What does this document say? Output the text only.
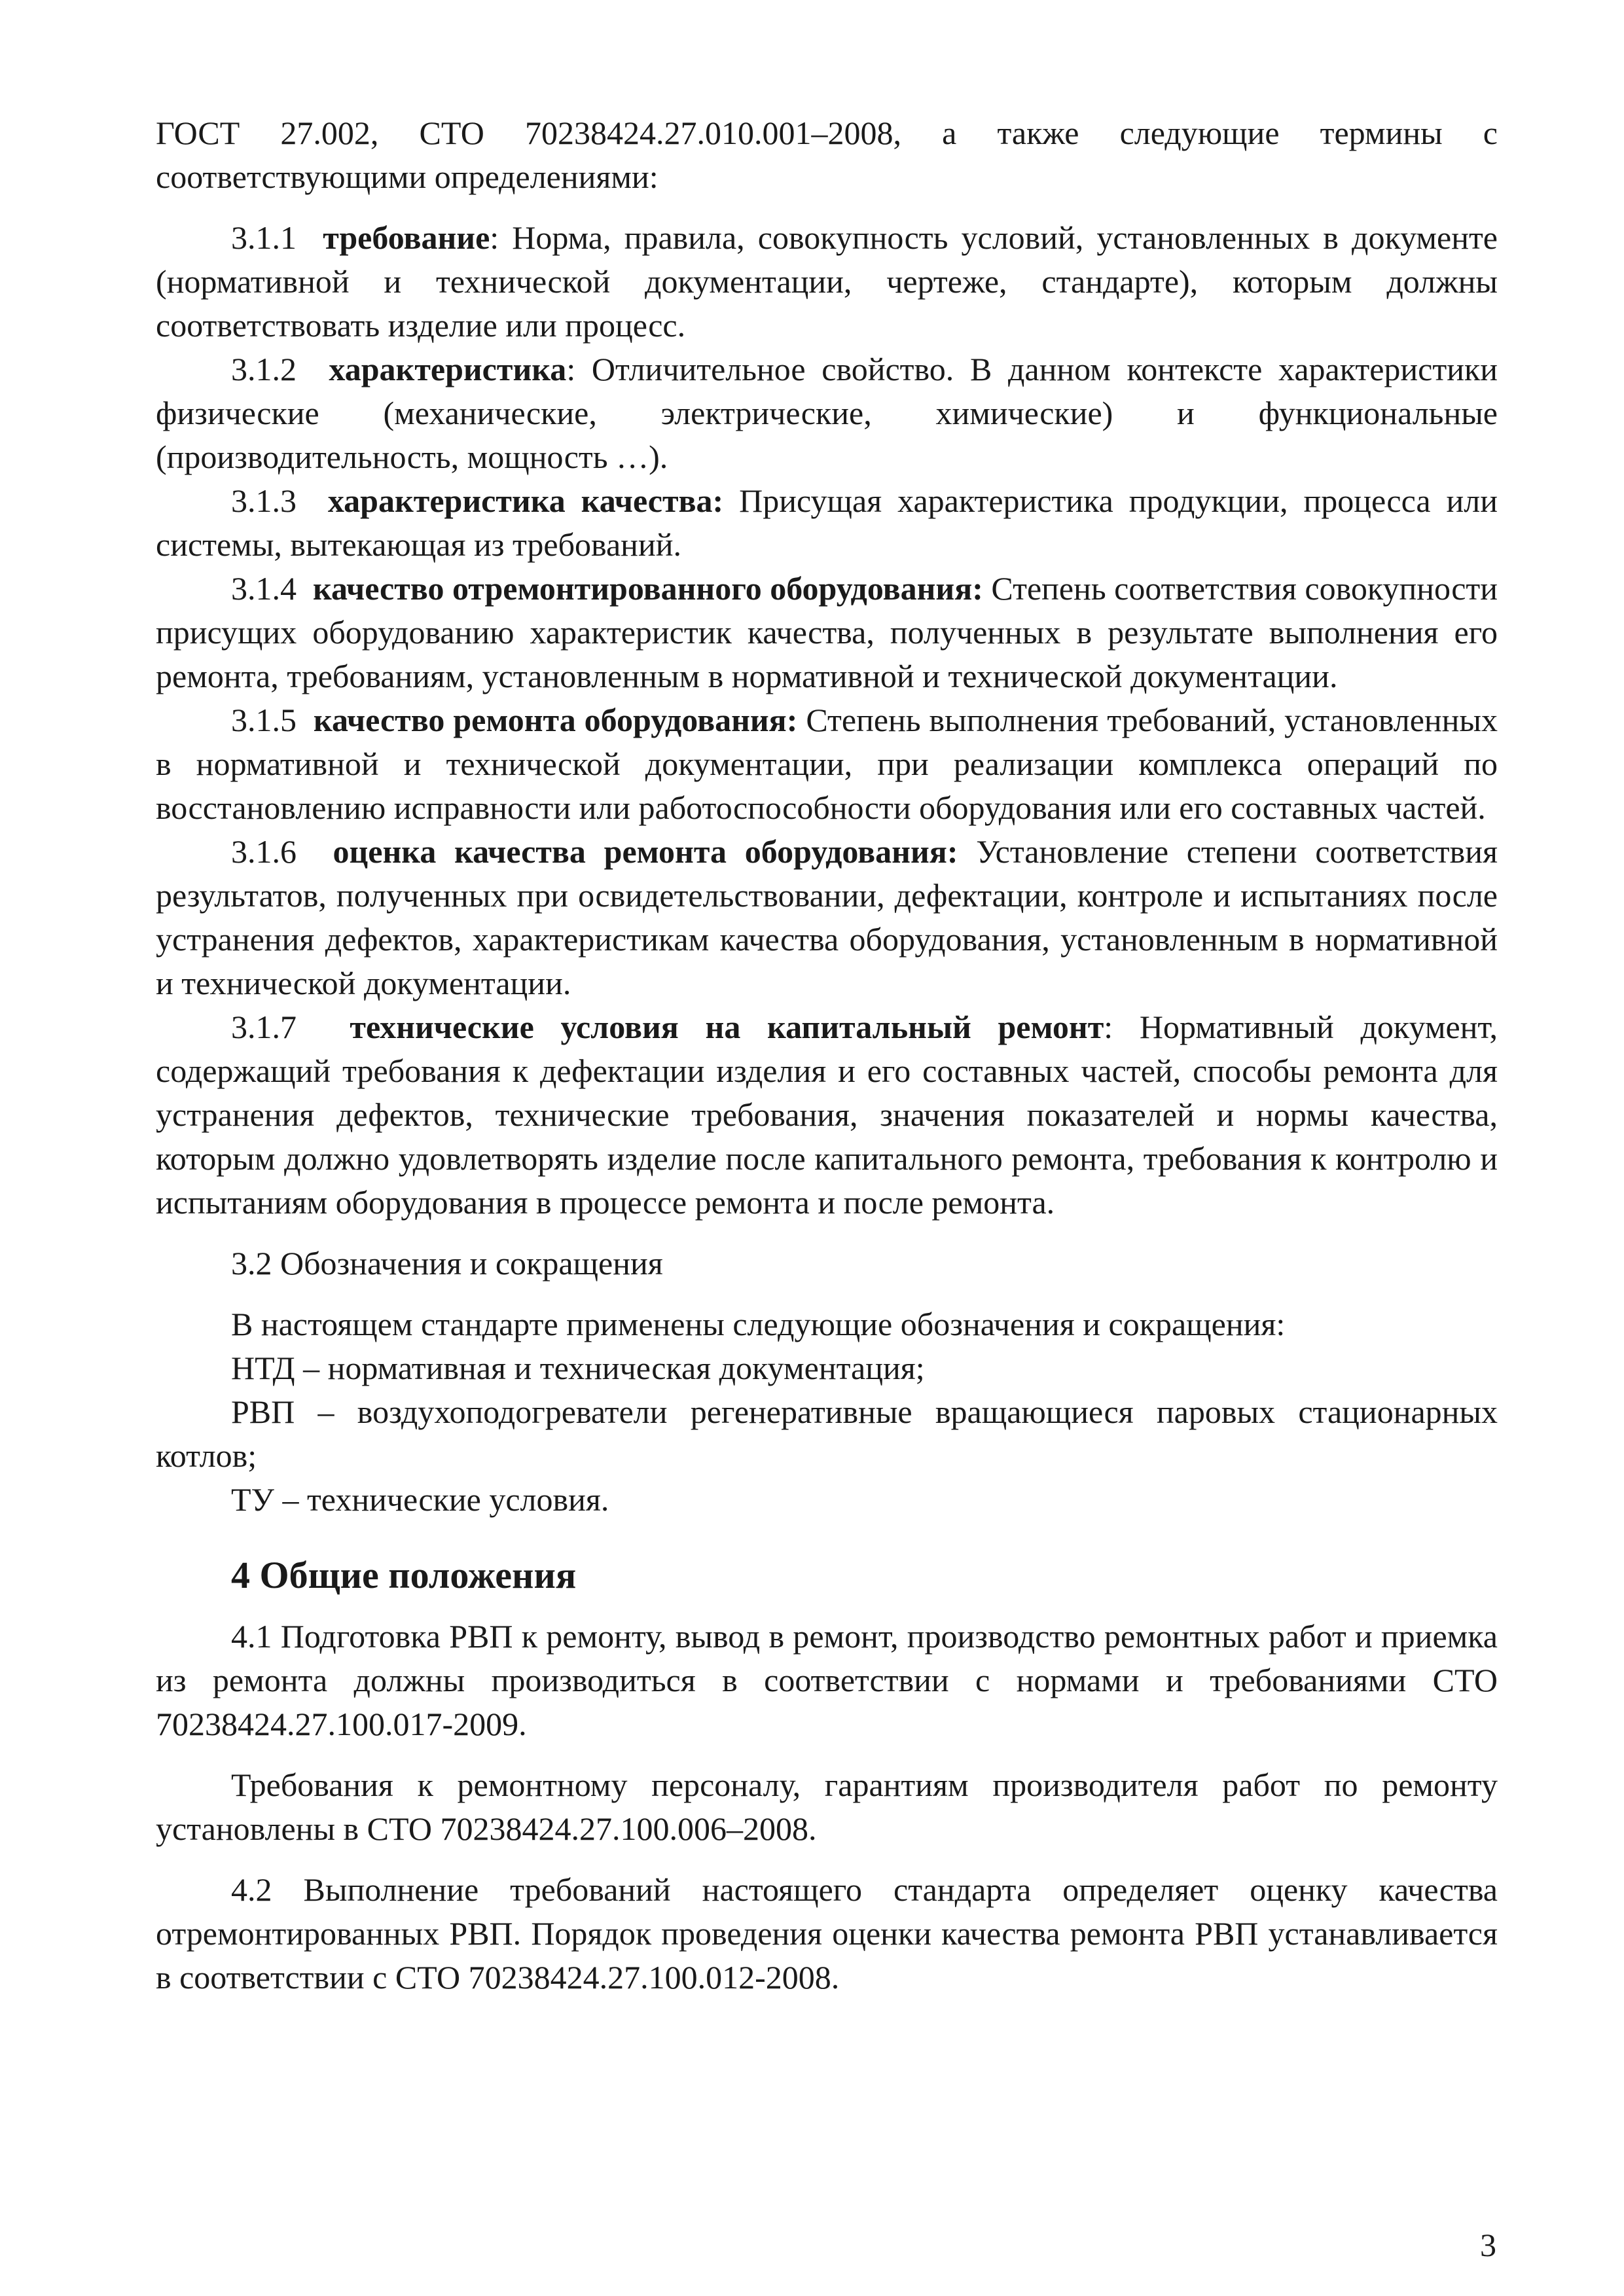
ГОСТ 27.002, СТО 70238424.27.010.001–2008, а также следующие термины с соответствующими определениями:

3.1.1 требование: Норма, правила, совокупность условий, установленных в документе (нормативной и технической документации, чертеже, стандарте), которым должны соответствовать изделие или процесс.

3.1.2 характеристика: Отличительное свойство. В данном контексте характеристики физические (механические, электрические, химические) и функциональные (производительность, мощность …).

3.1.3 характеристика качества: Присущая характеристика продукции, процесса или системы, вытекающая из требований.

3.1.4 качество отремонтированного оборудования: Степень соответствия совокупности присущих оборудованию характеристик качества, полученных в результате выполнения его ремонта, требованиям, установленным в нормативной и технической документации.

3.1.5 качество ремонта оборудования: Степень выполнения требований, установленных в нормативной и технической документации, при реализации комплекса операций по восстановлению исправности или работоспособности оборудования или его составных частей.

3.1.6 оценка качества ремонта оборудования: Установление степени соответствия результатов, полученных при освидетельствовании, дефектации, контроле и испытаниях после устранения дефектов, характеристикам качества оборудования, установленным в нормативной и технической документации.

3.1.7 технические условия на капитальный ремонт: Нормативный документ, содержащий требования к дефектации изделия и его составных частей, способы ремонта для устранения дефектов, технические требования, значения показателей и нормы качества, которым должно удовлетворять изделие после капитального ремонта, требования к контролю и испытаниям оборудования в процессе ремонта и после ремонта.

3.2 Обозначения и сокращения

В настоящем стандарте применены следующие обозначения и сокращения:

НТД – нормативная и техническая документация;

РВП – воздухоподогреватели регенеративные вращающиеся паровых стационарных котлов;

ТУ – технические условия.

4 Общие положения

4.1 Подготовка РВП к ремонту, вывод в ремонт, производство ремонтных работ и приемка из ремонта должны производиться в соответствии с нормами и требованиями СТО 70238424.27.100.017-2009.

Требования к ремонтному персоналу, гарантиям производителя работ по ремонту установлены в СТО 70238424.27.100.006–2008.

4.2 Выполнение требований настоящего стандарта определяет оценку качества отремонтированных РВП. Порядок проведения оценки качества ремонта РВП устанавливается в соответствии с СТО 70238424.27.100.012-2008.

3
